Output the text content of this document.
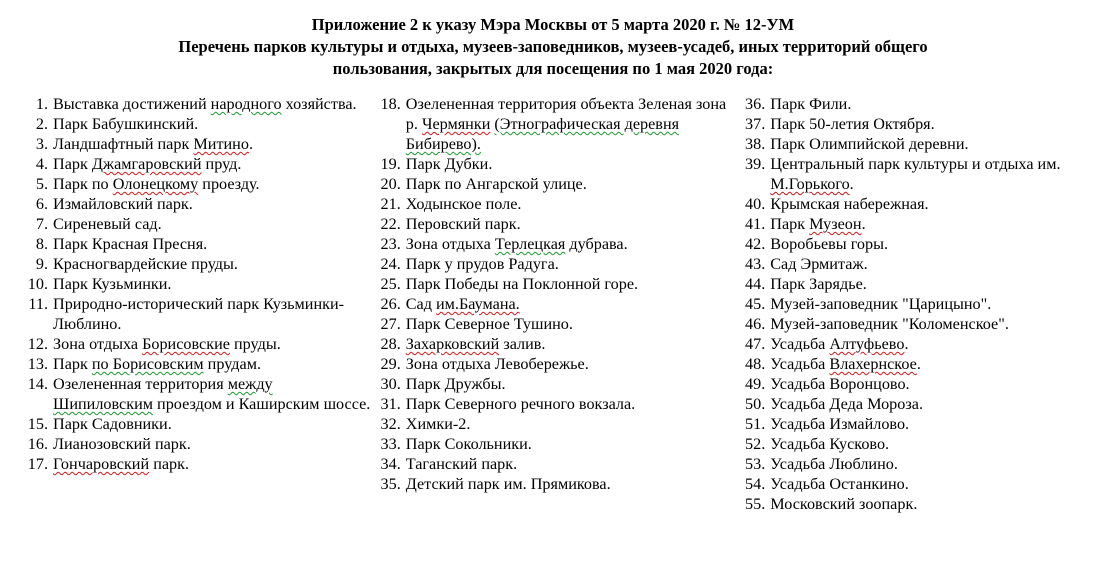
Приложение 2 к указу Мэра Москвы от 5 марта 2020 г. № 12-УМ
Перечень парков культуры и отдыха, музеев-заповедников, музеев-усадеб, иных территорий общего
пользования, закрытых для посещения по 1 мая 2020 года:
1. Выставка достижений народного хозяйства.
2. Парк Бабушкинский.
3. Ландшафтный парк Митино.
4. Парк Джамгаровский пруд.
5. Парк по Олонецкому проезду.
6. Измайловский парк.
7. Сиреневый сад.
8. Парк Красная Пресня.
9. Красногвардейские пруды.
10. Парк Кузьминки.
11. Природно-исторический парк Кузьминки-Люблино.
12. Зона отдыха Борисовские пруды.
13. Парк по Борисовским прудам.
14. Озелененная территория между Шипиловским проездом и Каширским шоссе.
15. Парк Садовники.
16. Лианозовский парк.
17. Гончаровский парк.
18. Озелененная территория объекта Зеленая зона р. Чермянки (Этнографическая деревня Бибирево).
19. Парк Дубки.
20. Парк по Ангарской улице.
21. Ходынское поле.
22. Перовский парк.
23. Зона отдыха Терлецкая дубрава.
24. Парк у прудов Радуга.
25. Парк Победы на Поклонной горе.
26. Сад им.Баумана.
27. Парк Северное Тушино.
28. Захарковский залив.
29. Зона отдыха Левобережье.
30. Парк Дружбы.
31. Парк Северного речного вокзала.
32. Химки-2.
33. Парк Сокольники.
34. Таганский парк.
35. Детский парк им. Прямикова.
36. Парк Фили.
37. Парк 50-летия Октября.
38. Парк Олимпийской деревни.
39. Центральный парк культуры и отдыха им. М.Горького.
40. Крымская набережная.
41. Парк Музеон.
42. Воробьевы горы.
43. Сад Эрмитаж.
44. Парк Зарядье.
45. Музей-заповедник "Царицыно".
46. Музей-заповедник "Коломенское".
47. Усадьба Алтуфьево.
48. Усадьба Влахернское.
49. Усадьба Воронцово.
50. Усадьба Деда Мороза.
51. Усадьба Измайлово.
52. Усадьба Кусково.
53. Усадьба Люблино.
54. Усадьба Останкино.
55. Московский зоопарк.
